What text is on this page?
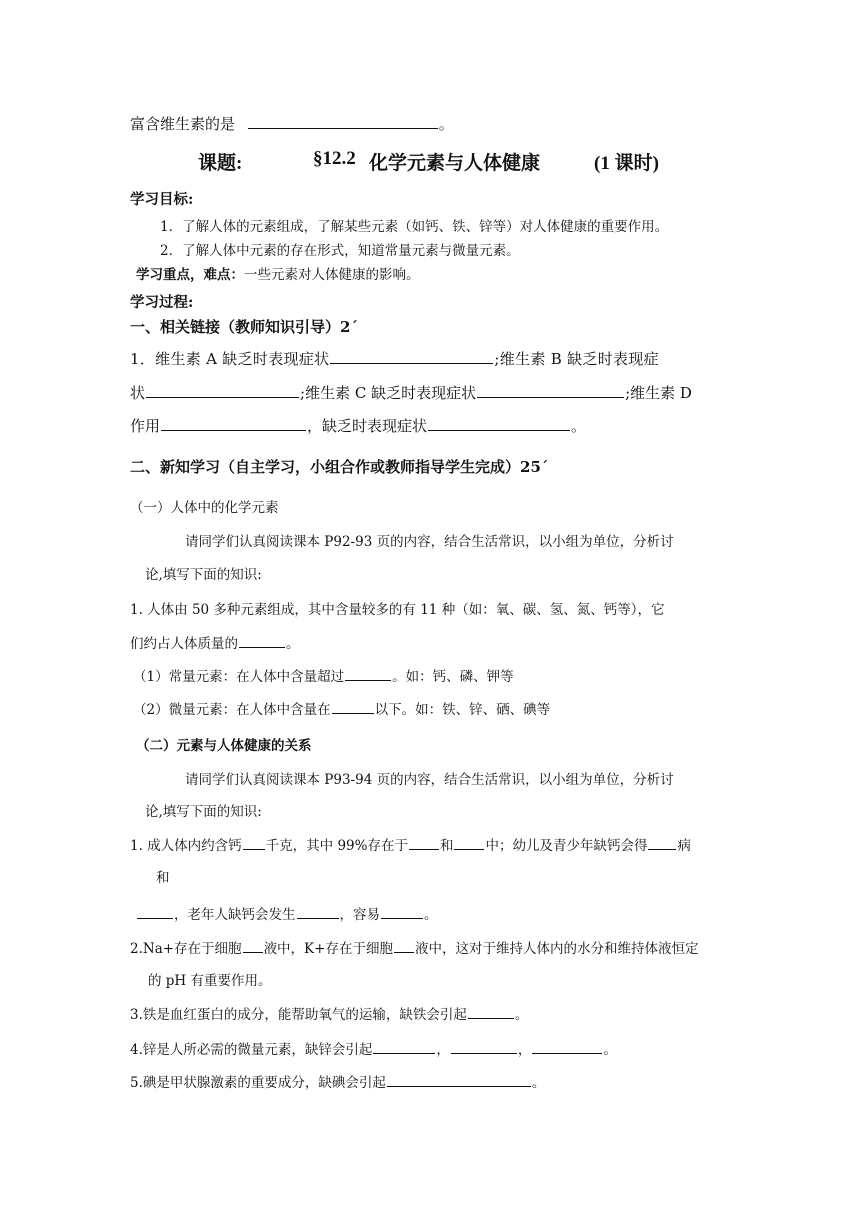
富含维生素的是	。
课题:	§12.2 化学元素与人体健康	(1 课时)
学习目标:
1．了解人体的元素组成，了解某些元素（如钙、铁、锌等）对人体健康的重要作用。
2．了解人体中元素的存在形式，知道常量元素与微量元素。
学习重点，难点：一些元素对人体健康的影响。
学习过程:
一、相关链接（教师知识引导）2ˊ
1．维生素 A 缺乏时表现症状	;维生素 B 缺乏时表现症
状	;维生素 C 缺乏时表现症状	;维生素 D
作用	，缺乏时表现症状	。
二、新知学习（自主学习，小组合作或教师指导学生完成）25ˊ
（一）人体中的化学元素
请同学们认真阅读课本 P92-93 页的内容，结合生活常识，以小组为单位，分析讨
论,填写下面的知识:
1. 人体由 50 多种元素组成，其中含量较多的有 11 种（如：氧、碳、氢、氮、钙等），它
们约占人体质量的	。
（1）常量元素：在人体中含量超过	。如：钙、磷、钾等
（2）微量元素：在人体中含量在	以下。如：铁、锌、硒、碘等
（二）元素与人体健康的关系
请同学们认真阅读课本 P93-94 页的内容，结合生活常识，以小组为单位，分析讨
论,填写下面的知识:
1. 成人体内约含钙 千克，其中 99%存在于 和 中；幼儿及青少年缺钙会得 病
和
，老年人缺钙会发生	，容易	。
2.Na+存在于细胞 液中，K+存在于细胞 液中，这对于维持人体内的水分和维持体液恒定
的 pH 有重要作用。
3.铁是血红蛋白的成分，能帮助氧气的运输，缺铁会引起	。
4.锌是人所必需的微量元素，缺锌会引起	，	，	。
5.碘是甲状腺激素的重要成分，缺碘会引起	。
